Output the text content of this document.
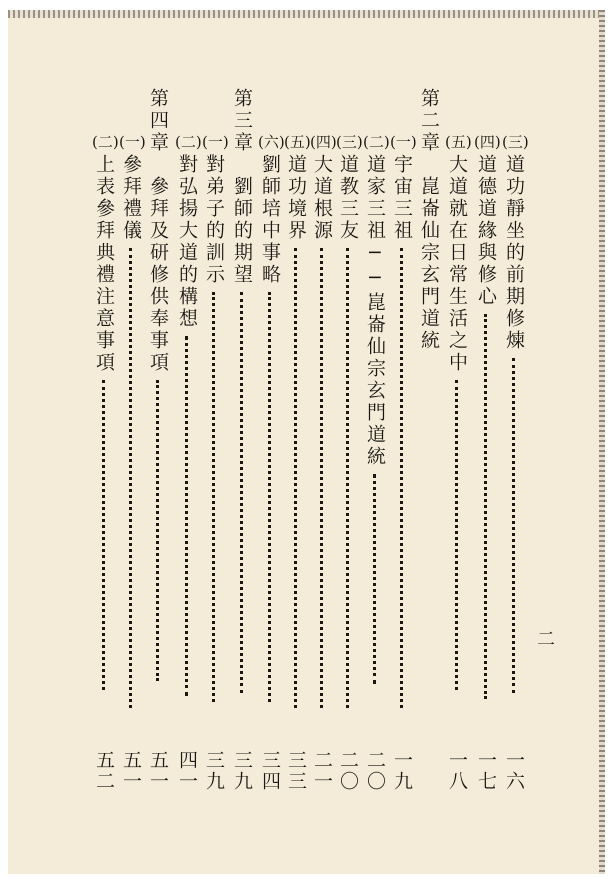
(三)
道功靜坐的前期修煉
一六
(四)
道德道緣與修心
一七
(五)
大道就在日常生活之中
一八
第二章　崑崙仙宗玄門道統
(一)
宇宙三祖
一九
(二)
道家三祖──崑崙仙宗玄門道統
二〇
(三)
道教三友
二〇
(四)
大道根源
二一
(五)
道功境界
三三
(六)
劉師培中事略
三四
第三章　劉師的期望
三九
(一)
對弟子的訓示
三九
(二)
對弘揚大道的構想
四一
第四章　參拜及研修供奉事項
五一
(一)
參拜禮儀
五一
(二)
上表參拜典禮注意事項
五二
二
